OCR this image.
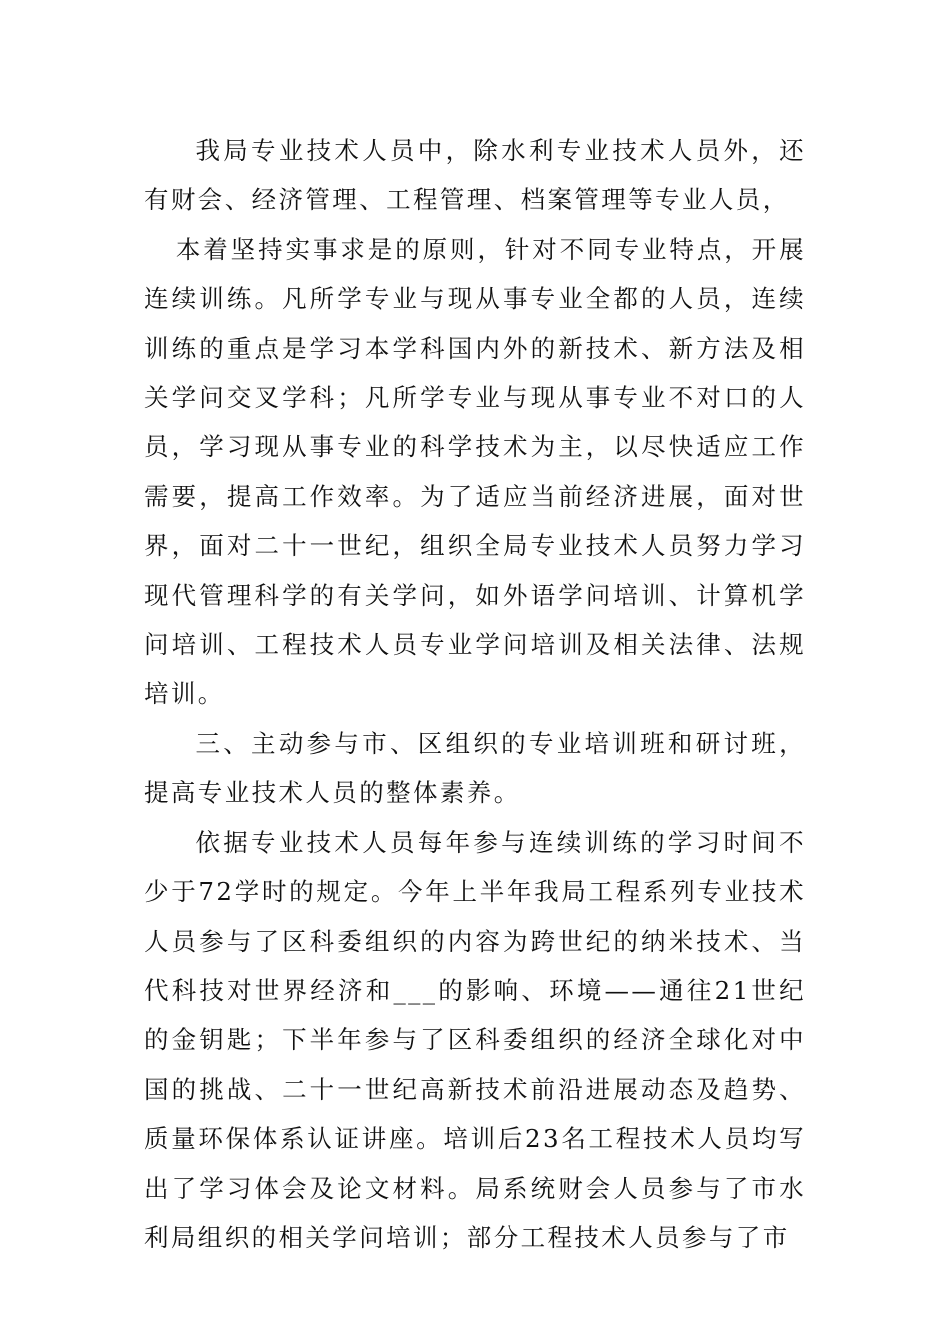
我局专业技术人员中，除水利专业技术人员外，还有财会、经济管理、工程管理、档案管理等专业人员，

本着坚持实事求是的原则，针对不同专业特点，开展连续训练。凡所学专业与现从事专业全都的人员，连续训练的重点是学习本学科国内外的新技术、新方法及相关学问交叉学科；凡所学专业与现从事专业不对口的人员，学习现从事专业的科学技术为主，以尽快适应工作需要，提高工作效率。为了适应当前经济进展，面对世界，面对二十一世纪，组织全局专业技术人员努力学习现代管理科学的有关学问，如外语学问培训、计算机学问培训、工程技术人员专业学问培训及相关法律、法规培训。

三、主动参与市、区组织的专业培训班和研讨班，提高专业技术人员的整体素养。

依据专业技术人员每年参与连续训练的学习时间不少于72学时的规定。今年上半年我局工程系列专业技术人员参与了区科委组织的内容为跨世纪的纳米技术、当代科技对世界经济和___的影响、环境——通往21世纪的金钥匙；下半年参与了区科委组织的经济全球化对中国的挑战、二十一世纪高新技术前沿进展动态及趋势、质量环保体系认证讲座。培训后23名工程技术人员均写出了学习体会及论文材料。局系统财会人员参与了市水利局组织的相关学问培训；部分工程技术人员参与了市
